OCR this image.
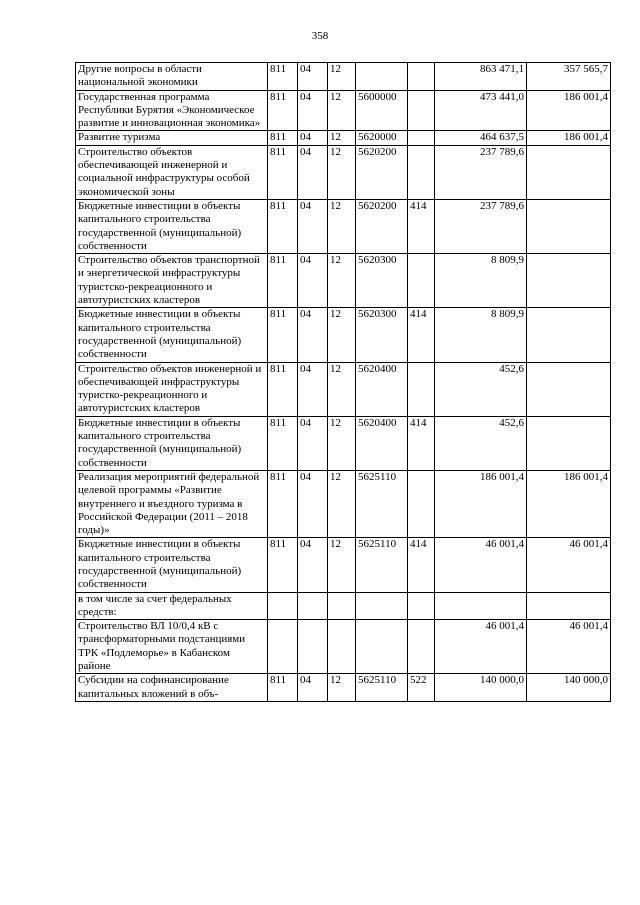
358
Другие вопросы в области национальной экономики	811	04	12			863 471,1	357 565,7
Государственная программа Республики Бурятия «Экономическое развитие и инновационная экономика»	811	04	12	5600000		473 441,0	186 001,4
Развитие туризма	811	04	12	5620000		464 637,5	186 001,4
Строительство объектов обеспечивающей инженерной и социальной инфраструктуры особой экономической зоны	811	04	12	5620200		237 789,6	
Бюджетные инвестиции в объекты капитального строительства государственной (муниципальной) собственности	811	04	12	5620200	414	237 789,6	
Строительство объектов транспортной и энергетической инфраструктуры туристско-рекреационного и автотуристских кластеров	811	04	12	5620300		8 809,9	
Бюджетные инвестиции в объекты капитального строительства государственной (муниципальной) собственности	811	04	12	5620300	414	8 809,9	
Строительство объектов инженерной и обеспечивающей инфраструктуры туристко-рекреационного и автотуристских кластеров	811	04	12	5620400		452,6	
Бюджетные инвестиции в объекты капитального строительства государственной (муниципальной) собственности	811	04	12	5620400	414	452,6	
Реализация мероприятий федеральной целевой программы «Развитие внутреннего и въездного туризма в Российской Федерации (2011 – 2018 годы)»	811	04	12	5625110		186 001,4	186 001,4
Бюджетные инвестиции в объекты капитального строительства государственной (муниципальной) собственности	811	04	12	5625110	414	46 001,4	46 001,4
в том числе за счет федеральных средств:							
Строительство ВЛ 10/0,4 кВ с трансформаторными подстанциями ТРК «Подлеморье» в Кабанском районе						46 001,4	46 001,4
Субсидии на софинансирование капитальных вложений в объ-	811	04	12	5625110	522	140 000,0	140 000,0
